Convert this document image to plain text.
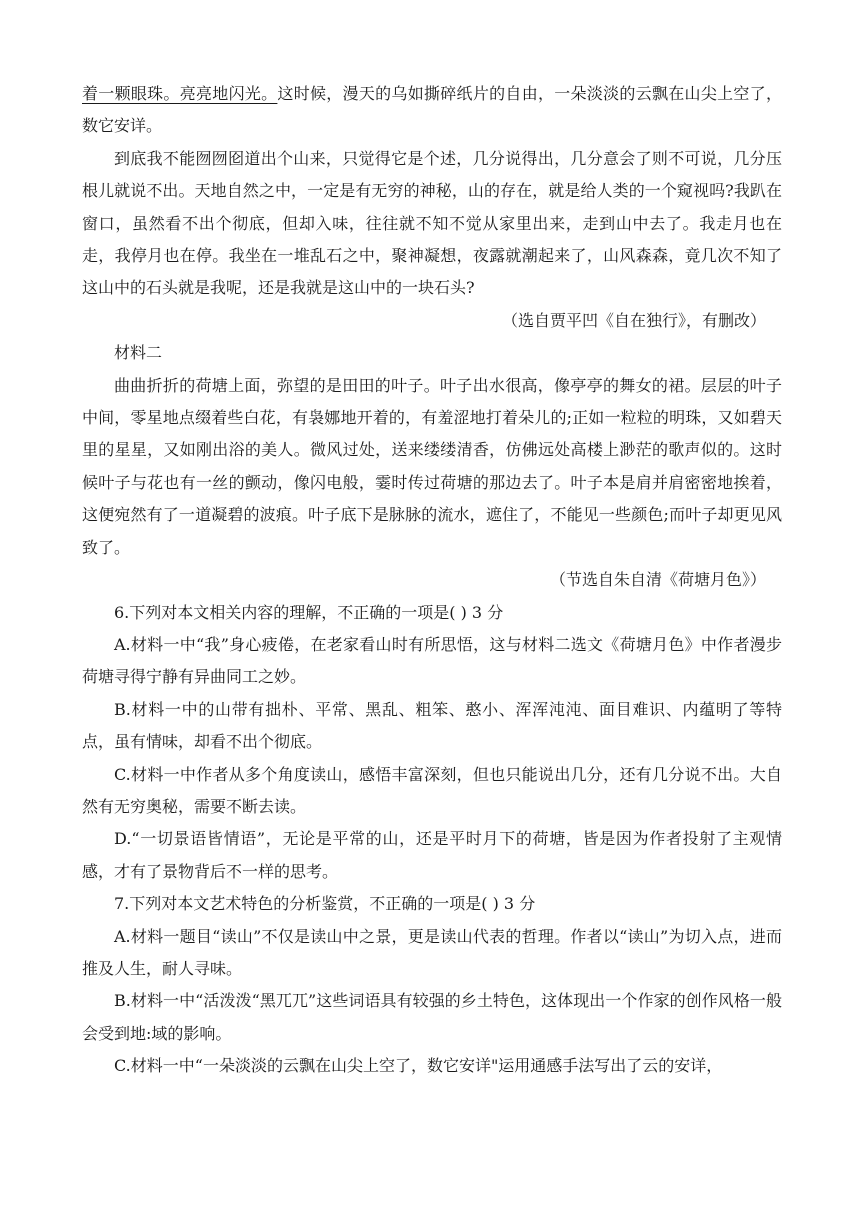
着一颗眼珠。亮亮地闪光。这时候，漫天的乌如撕碎纸片的自由，一朵淡淡的云飘在山尖上空了，数它安详。

到底我不能囫囫囵道出个山来，只觉得它是个述，几分说得出，几分意会了则不可说，几分压根儿就说不出。天地自然之中，一定是有无穷的神秘，山的存在，就是给人类的一个窥视吗?我趴在窗口，虽然看不出个彻底，但却入味，往往就不知不觉从家里出来，走到山中去了。我走月也在走，我停月也在停。我坐在一堆乱石之中，聚神凝想，夜露就潮起来了，山风森森，竟几次不知了这山中的石头就是我呢，还是我就是这山中的一块石头?

（选自贾平凹《自在独行》，有删改）

材料二

曲曲折折的荷塘上面，弥望的是田田的叶子。叶子出水很高，像亭亭的舞女的裙。层层的叶子中间，零星地点缀着些白花，有袅娜地开着的，有羞涩地打着朵儿的;正如一粒粒的明珠，又如碧天里的星星，又如刚出浴的美人。微风过处，送来缕缕清香，仿佛远处高楼上渺茫的歌声似的。这时候叶子与花也有一丝的颤动，像闪电般，霎时传过荷塘的那边去了。叶子本是肩并肩密密地挨着，这便宛然有了一道凝碧的波痕。叶子底下是脉脉的流水，遮住了，不能见一些颜色;而叶子却更见风致了。

（节选自朱自清《荷塘月色》）

6.下列对本文相关内容的理解，不正确的一项是( ) 3 分

A.材料一中“我”身心疲倦，在老家看山时有所思悟，这与材料二选文《荷塘月色》中作者漫步荷塘寻得宁静有异曲同工之妙。

B.材料一中的山带有拙朴、平常、黑乱、粗笨、憨小、浑浑沌沌、面目难识、内蕴明了等特点，虽有情味，却看不出个彻底。

C.材料一中作者从多个角度读山，感悟丰富深刻，但也只能说出几分，还有几分说不出。大自然有无穷奥秘，需要不断去读。

D.“一切景语皆情语”，无论是平常的山，还是平时月下的荷塘，皆是因为作者投射了主观情感，才有了景物背后不一样的思考。

7.下列对本文艺术特色的分析鉴赏，不正确的一项是( ) 3 分

A.材料一题目“读山”不仅是读山中之景，更是读山代表的哲理。作者以“读山”为切入点，进而推及人生，耐人寻味。

B.材料一中“活泼泼“黑兀兀”这些词语具有较强的乡土特色，这体现出一个作家的创作风格一般会受到地:域的影响。

C.材料一中“一朵淡淡的云飘在山尖上空了，数它安详"运用通感手法写出了云的安详，
